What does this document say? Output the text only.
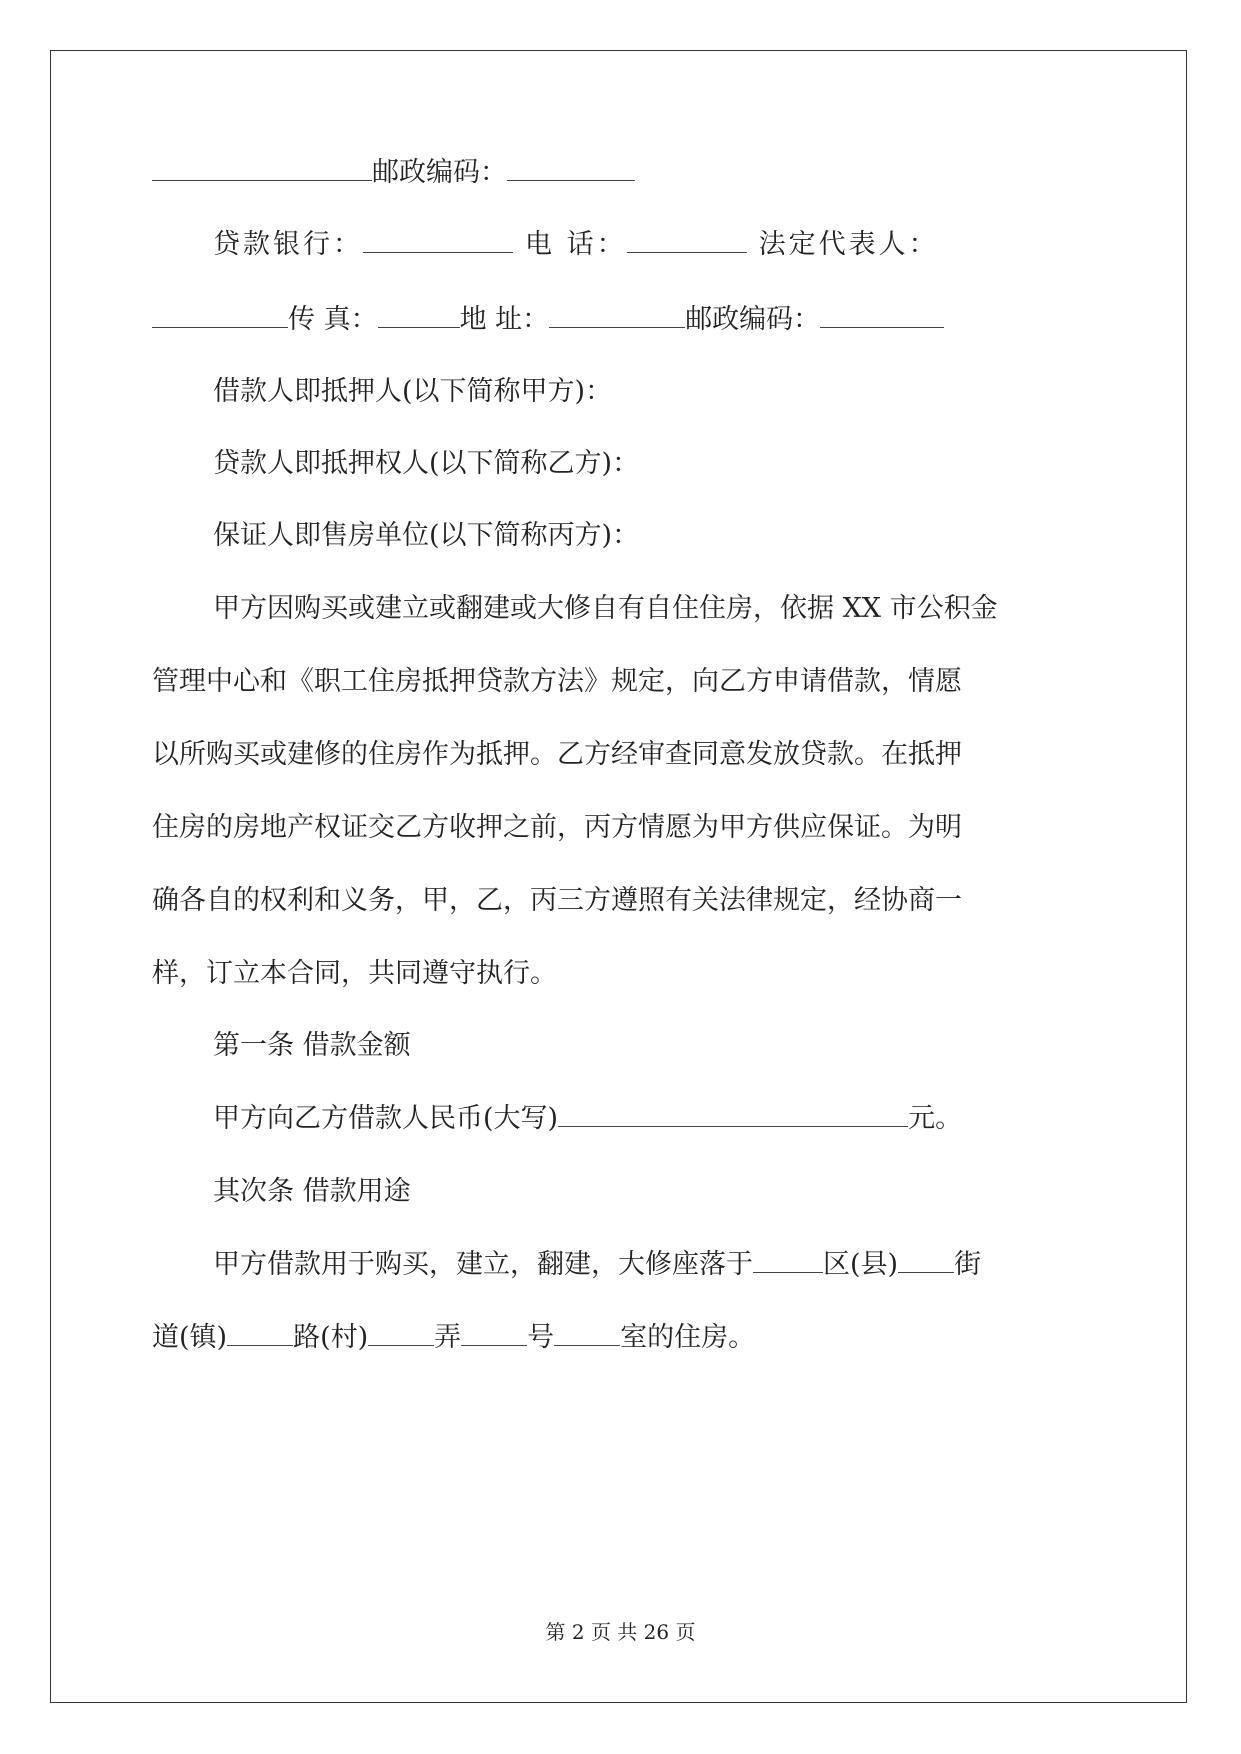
邮政编码：
贷款银行：	电 话：	法定代表人：
传 真：	地 址：	邮政编码：
借款人即抵押人(以下简称甲方)：
贷款人即抵押权人(以下简称乙方)：
保证人即售房单位(以下简称丙方)：
甲方因购买或建立或翻建或大修自有自住住房，依据 XX 市公积金
管理中心和《职工住房抵押贷款方法》规定，向乙方申请借款，情愿
以所购买或建修的住房作为抵押。乙方经审查同意发放贷款。在抵押
住房的房地产权证交乙方收押之前，丙方情愿为甲方供应保证。为明
确各自的权利和义务，甲，乙，丙三方遵照有关法律规定，经协商一
样，订立本合同，共同遵守执行。
第一条 借款金额
甲方向乙方借款人民币(大写)	元。
其次条 借款用途
甲方借款用于购买，建立，翻建，大修座落于	区(县) 街
道(镇) 路(村) 弄 号 室的住房。
第 2 页 共 26 页
